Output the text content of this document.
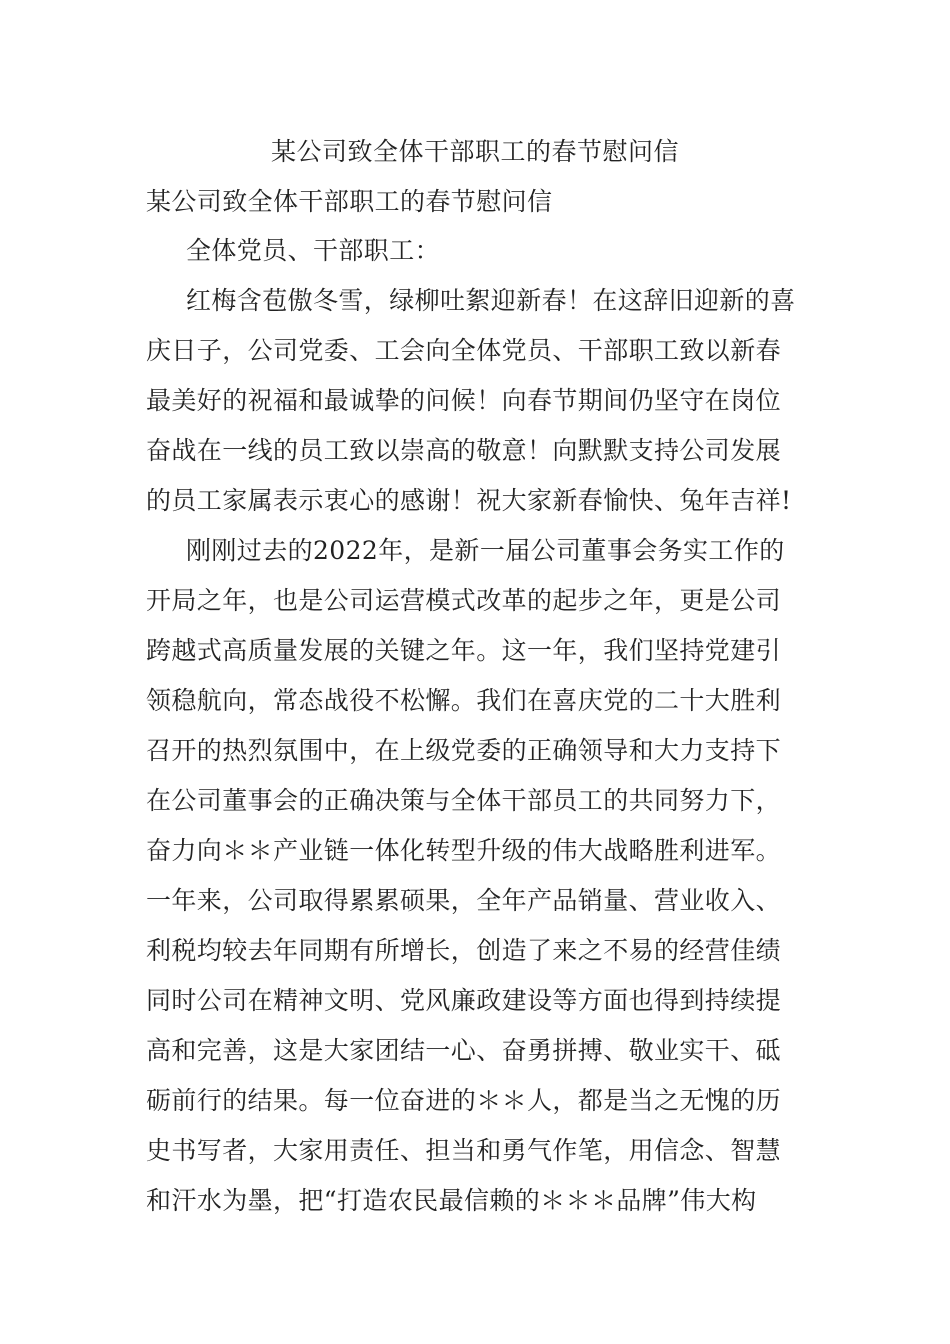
某公司致全体干部职工的春节慰问信
某公司致全体干部职工的春节慰问信
全体党员、干部职工：
红梅含苞傲冬雪，绿柳吐絮迎新春！在这辞旧迎新的喜
庆日子，公司党委、工会向全体党员、干部职工致以新春
最美好的祝福和最诚挚的问候！向春节期间仍坚守在岗位
奋战在一线的员工致以崇高的敬意！向默默支持公司发展
的员工家属表示衷心的感谢！祝大家新春愉快、兔年吉祥!
刚刚过去的2022年，是新一届公司董事会务实工作的
开局之年，也是公司运营模式改革的起步之年，更是公司
跨越式高质量发展的关键之年。这一年，我们坚持党建引
领稳航向，常态战役不松懈。我们在喜庆党的二十大胜利
召开的热烈氛围中，在上级党委的正确领导和大力支持下
在公司董事会的正确决策与全体干部员工的共同努力下，
奋力向＊＊产业链一体化转型升级的伟大战略胜利进军。
一年来，公司取得累累硕果，全年产品销量、营业收入、
利税均较去年同期有所增长，创造了来之不易的经营佳绩
同时公司在精神文明、党风廉政建设等方面也得到持续提
高和完善，这是大家团结一心、奋勇拼搏、敬业实干、砥
砺前行的结果。每一位奋进的＊＊人，都是当之无愧的历
史书写者，大家用责任、担当和勇气作笔，用信念、智慧
和汗水为墨，把“打造农民最信赖的＊＊＊品牌”伟大构
